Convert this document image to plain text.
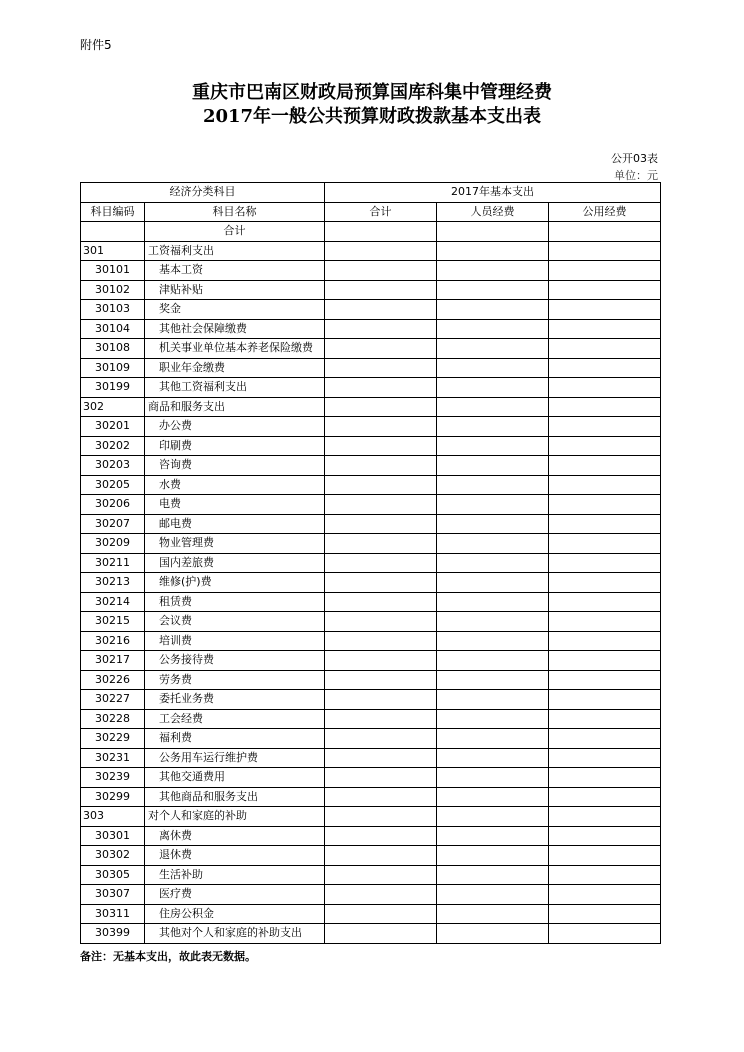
附件5
重庆市巴南区财政局预算国库科集中管理经费
2017年一般公共预算财政拨款基本支出表
公开03表
单位：元
经济分类科目		2017年基本支出		
科目编码	科目名称	合计	人员经费	公用经费
	合计			
301	工资福利支出			
30101	基本工资			
30102	津贴补贴			
30103	奖金			
30104	其他社会保障缴费			
30108	机关事业单位基本养老保险缴费			
30109	职业年金缴费			
30199	其他工资福利支出			
302	商品和服务支出			
30201	办公费			
30202	印刷费			
30203	咨询费			
30205	水费			
30206	电费			
30207	邮电费			
30209	物业管理费			
30211	国内差旅费			
30213	维修(护)费			
30214	租赁费			
30215	会议费			
30216	培训费			
30217	公务接待费			
30226	劳务费			
30227	委托业务费			
30228	工会经费			
30229	福利费			
30231	公务用车运行维护费			
30239	其他交通费用			
30299	其他商品和服务支出			
303	对个人和家庭的补助			
30301	离休费			
30302	退休费			
30305	生活补助			
30307	医疗费			
30311	住房公积金			
30399	其他对个人和家庭的补助支出			
备注：无基本支出，故此表无数据。
